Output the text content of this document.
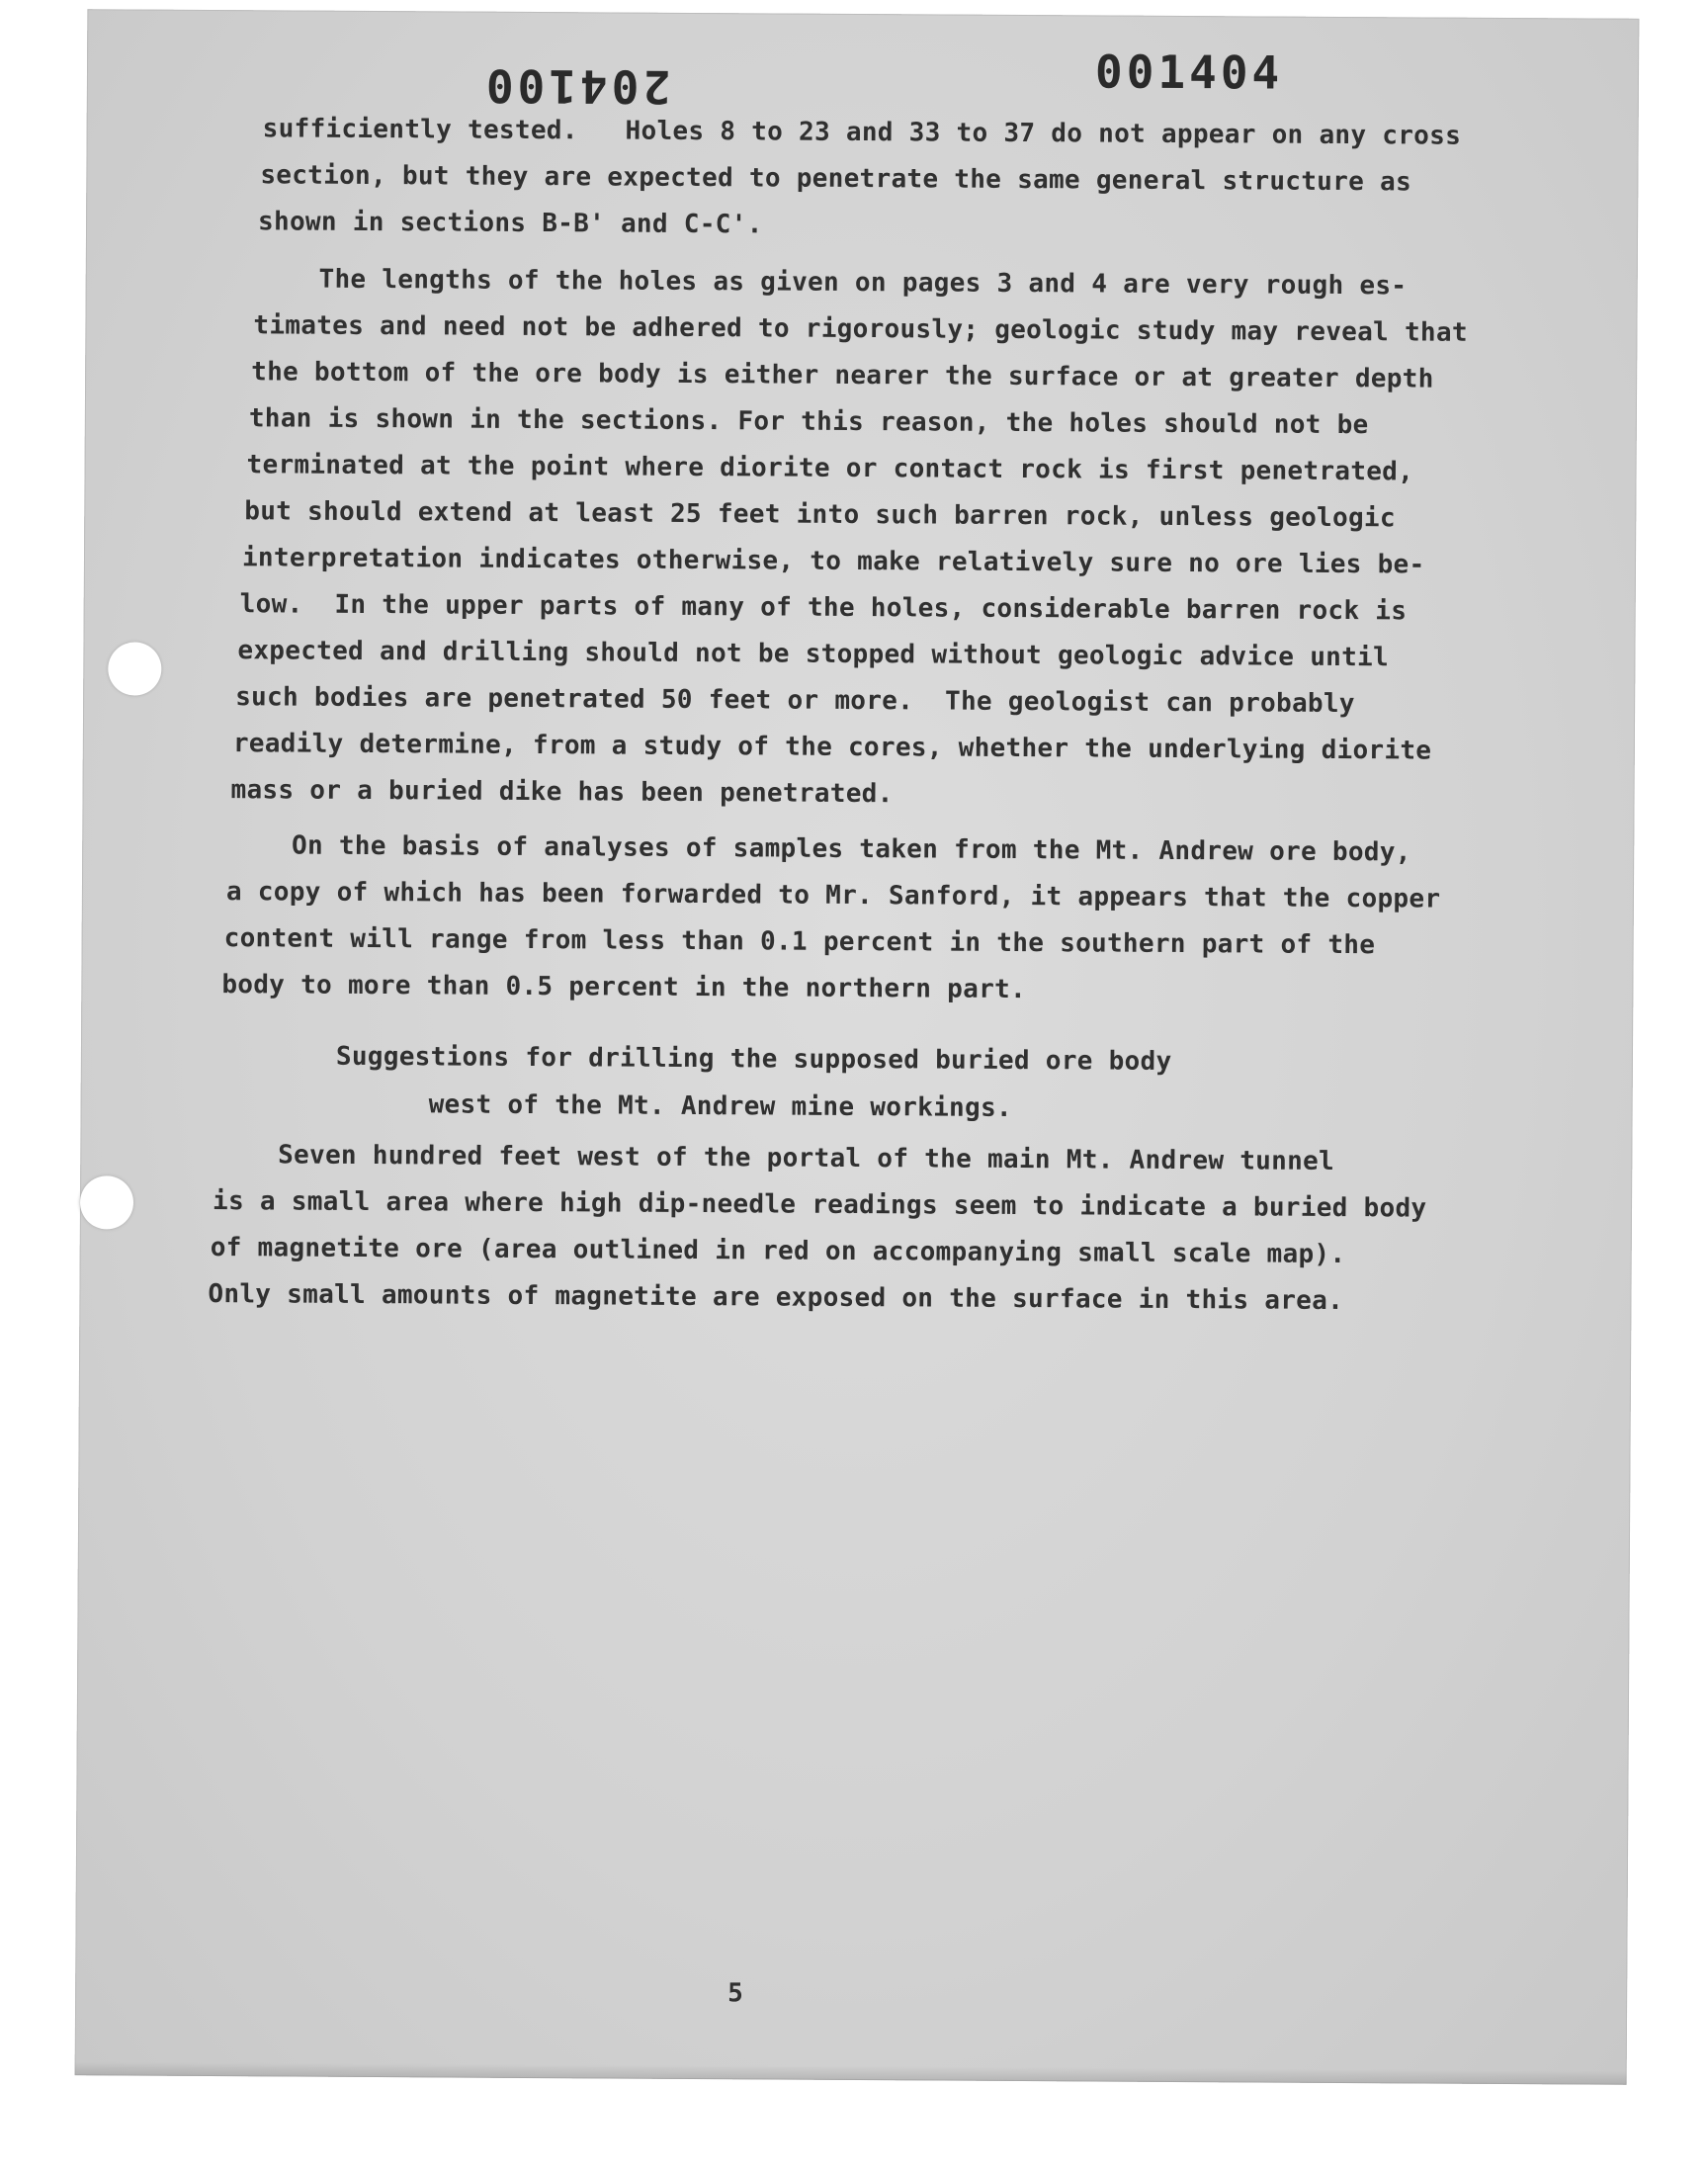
204100	001404
sufficiently tested.   Holes 8 to 23 and 33 to 37 do not appear on any cross
section, but they are expected to penetrate the same general structure as
shown in sections B-B' and C-C'.
The lengths of the holes as given on pages 3 and 4 are very rough es-
timates and need not be adhered to rigorously; geologic study may reveal that
the bottom of the ore body is either nearer the surface or at greater depth
than is shown in the sections. For this reason, the holes should not be
terminated at the point where diorite or contact rock is first penetrated,
but should extend at least 25 feet into such barren rock, unless geologic
interpretation indicates otherwise, to make relatively sure no ore lies be-
low.  In the upper parts of many of the holes, considerable barren rock is
expected and drilling should not be stopped without geologic advice until
such bodies are penetrated 50 feet or more.  The geologist can probably
readily determine, from a study of the cores, whether the underlying diorite
mass or a buried dike has been penetrated.
On the basis of analyses of samples taken from the Mt. Andrew ore body,
a copy of which has been forwarded to Mr. Sanford, it appears that the copper
content will range from less than 0.1 percent in the southern part of the
body to more than 0.5 percent in the northern part.
Suggestions for drilling the supposed buried ore body
west of the Mt. Andrew mine workings.
Seven hundred feet west of the portal of the main Mt. Andrew tunnel
is a small area where high dip-needle readings seem to indicate a buried body
of magnetite ore (area outlined in red on accompanying small scale map).
Only small amounts of magnetite are exposed on the surface in this area.
5
